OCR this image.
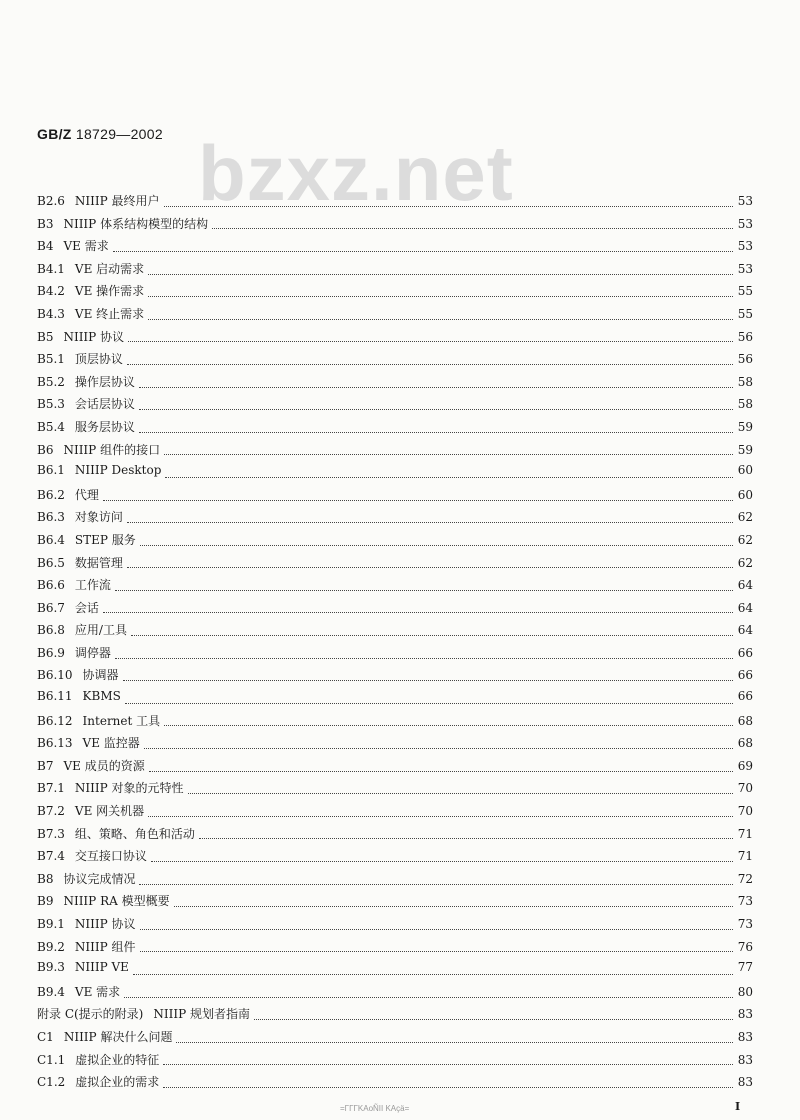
GB/Z 18729—2002 bzxz.net
B2.6 NIIIP 最终用户	53
B3 NIIIP 体系结构模型的结构	53
B4 VE 需求	53
B4.1 VE 启动需求	53
B4.2 VE 操作需求	55
B4.3 VE 终止需求	55
B5 NIIIP 协议	56
B5.1 顶层协议	56
B5.2 操作层协议	58
B5.3 会话层协议	58
B5.4 服务层协议	59
B6 NIIIP 组件的接口	59
B6.1 NIIIP Desktop	60
B6.2 代理	60
B6.3 对象访问	62
B6.4 STEP 服务	62
B6.5 数据管理	62
B6.6 工作流	64
B6.7 会话	64
B6.8 应用/工具	64
B6.9 调停器	66
B6.10 协调器	66
B6.11 KBMS	66
B6.12 Internet 工具	68
B6.13 VE 监控器	68
B7 VE 成员的资源	69
B7.1 NIIIP 对象的元特性	70
B7.2 VE 网关机器	70
B7.3 组、策略、角色和活动	71
B7.4 交互接口协议	71
B8 协议完成情况	72
B9 NIIIP RA 模型概要	73
B9.1 NIIIP 协议	73
B9.2 NIIIP 组件	76
B9.3 NIIIP VE	77
B9.4 VE 需求	80
附录 C(提示的附录) NIIIP 规划者指南	83
C1 NIIIP 解决什么问题	83
C1.1 虚拟企业的特征	83
C1.2 虚拟企业的需求	83
=ΓΓΓΚΑοÑΙΙ ΚΑçä=	I
